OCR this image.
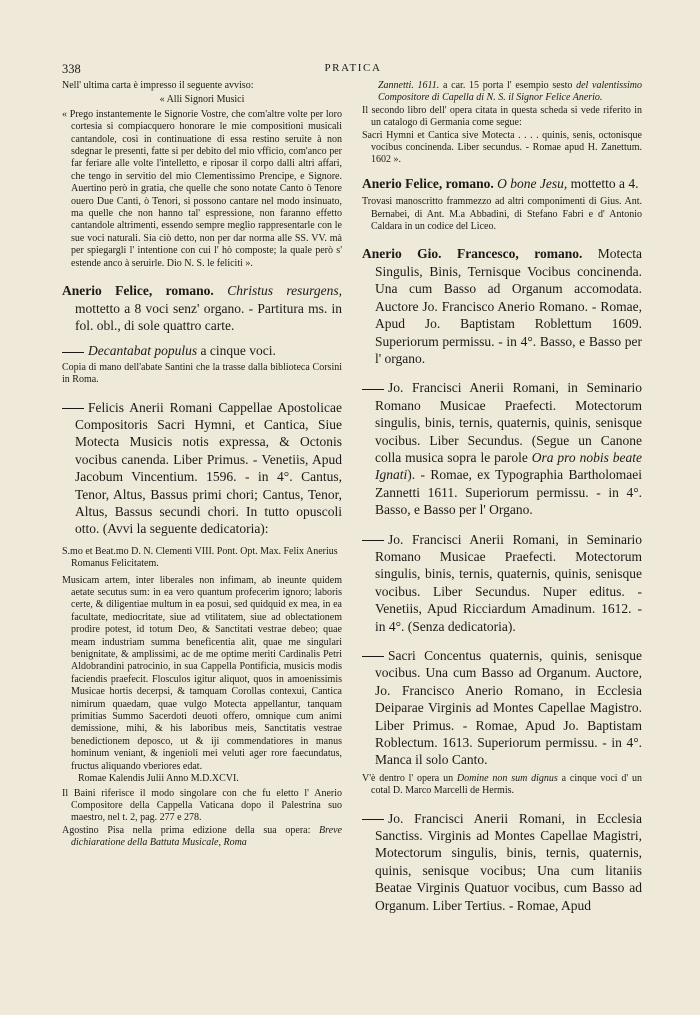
338	PRATICA

Nell' ultima carta è impresso il seguente avviso:

« Alli Signori Musici

« Prego instantemente le Signorie Vostre, che com'altre volte per loro cortesia si compiacquero honorare le mie compositioni musicali cantandole, così in continuatione di essa restino seruite à non sdegnar le presenti, fatte si per debito del mio vfficio, com'anco per far feriare alle volte l'intelletto, e riposar il corpo dalli altri affari, che tengo in servitio del mio Clementissimo Prencipe, e Signore. Auertino però in gratia, che quelle che sono notate Canto ò Tenore ouero Due Canti, ò Tenori, si possono cantare nel modo insinuato, ma quelle che non hanno tal' espressione, non faranno effetto cantandole altrimenti, essendo sempre meglio rappresentarle con le sue voci naturali. Sia ciò detto, non per dar norma alle SS. VV. mà per spiegargli l' intentione con cui l' hò composte; la quale però s' estende anco à seruirle. Dio N. S. le feliciti ».

Anerio Felice, romano. Christus resurgens, mottetto a 8 voci senz' organo. - Partitura ms. in fol. obl., di sole quattro carte.

Decantabat populus a cinque voci.

Copia di mano dell'abate Santini che la trasse dalla biblioteca Corsini in Roma.

Felicis Anerii Romani Cappellae Apostolicae Compositoris Sacri Hymni, et Cantica, Siue Motecta Musicis notis expressa, & Octonis vocibus canenda. Liber Primus. - Venetiis, Apud Jacobum Vincentium. 1596. - in 4°. Cantus, Tenor, Altus, Bassus primi chori; Cantus, Tenor, Altus, Bassus secundi chori. In tutto opuscoli otto. (Avvi la seguente dedicatoria):

S.mo et Beat.mo D. N. Clementi VIII. Pont. Opt. Max. Felix Anerius Romanus Felicitatem.

Musicam artem, inter liberales non infimam, ab ineunte quidem aetate secutus sum: in ea vero quantum profecerim ignoro; laboris certe, & diligentiae multum in ea posui, sed quidquid ex mea, in ea facultate, mediocritate, siue ad vtilitatem, siue ad oblectationem prodire potest, id totum Deo, & Sanctitati vestrae debeo; quae meam industriam summa beneficentia alit, quae me singulari benignitate, & amplissimi, ac de me optime meriti Cardinalis Petri Aldobrandini patrocinio, in sua Cappella Pontificia, musicis modis faciendis praefecit. Flosculos igitur aliquot, quos in amoenissimis Musicae hortis decerpsi, & tamquam Corollas contexui, Cantica nimirum quaedam, quae vulgo Motecta appellantur, tanquam primitias Summo Sacerdoti deuoti offero, omnique cum animi demissione, mihi, & his laboribus meis, Sanctitatis vestrae benedictionem deposco, ut & iji commendatiores in manus hominum veniant, & ingenioli mei veluti ager rore faecundatus, fructus aliquando vberiores edat.

Romae Kalendis Julii Anno M.D.XCVI.

Il Baini riferisce il modo singolare con che fu eletto l' Anerio Compositore della Cappella Vaticana dopo il Palestrina suo maestro, nel t. 2, pag. 277 e 278.

Agostino Pisa nella prima edizione della sua opera: Breve dichiaratione della Battuta Musicale, Roma

Zannetti. 1611. a car. 15 porta l' esempio sesto del valentissimo Compositore di Capella di N. S. il Signor Felice Anerio.

Il secondo libro dell' opera citata in questa scheda si vede riferito in un catalogo di Germania come segue:

Sacri Hymni et Cantica sive Motecta . . . . quinis, senis, octonisque vocibus concinenda. Liber secundus. - Romae apud H. Zanettum. 1602 ».

Anerio Felice, romano. O bone Jesu, mottetto a 4.

Trovasi manoscritto frammezzo ad altri componimenti di Gius. Ant. Bernabei, di Ant. M.a Abbadini, di Stefano Fabri e d' Antonio Caldara in un codice del Liceo.

Anerio Gio. Francesco, romano. Motecta Singulis, Binis, Ternisque Vocibus concinenda. Una cum Basso ad Organum accomodata. Auctore Jo. Francisco Anerio Romano. - Romae, Apud Jo. Baptistam Roblettum 1609. Superiorum permissu. - in 4°. Basso, e Basso per l' organo.

Jo. Francisci Anerii Romani, in Seminario Romano Musicae Praefecti. Motectorum singulis, binis, ternis, quaternis, quinis, senisque vocibus. Liber Secundus. (Segue un Canone colla musica sopra le parole Ora pro nobis beate Ignati). - Romae, ex Typographia Bartholomaei Zannetti 1611. Superiorum permissu. - in 4°. Basso, e Basso per l' Organo.

Jo. Francisci Anerii Romani, in Seminario Romano Musicae Praefecti. Motectorum singulis, binis, ternis, quaternis, quinis, senisque vocibus. Liber Secundus. Nuper editus. - Venetiis, Apud Ricciardum Amadinum. 1612. - in 4°. (Senza dedicatoria).

Sacri Concentus quaternis, quinis, senisque vocibus. Una cum Basso ad Organum. Auctore, Jo. Francisco Anerio Romano, in Ecclesia Deiparae Virginis ad Montes Capellae Magistro. Liber Primus. - Romae, Apud Jo. Baptistam Roblectum. 1613. Superiorum permissu. - in 4°. Manca il solo Canto.

V'è dentro l' opera un Domine non sum dignus a cinque voci d' un cotal D. Marco Marcelli de Hermis.

Jo. Francisci Anerii Romani, in Ecclesia Sanctiss. Virginis ad Montes Capellae Magistri, Motectorum singulis, binis, ternis, quaternis, quinis, senisque vocibus; Una cum litaniis Beatae Virginis Quatuor vocibus, cum Basso ad Organum. Liber Tertius. - Romae, Apud
